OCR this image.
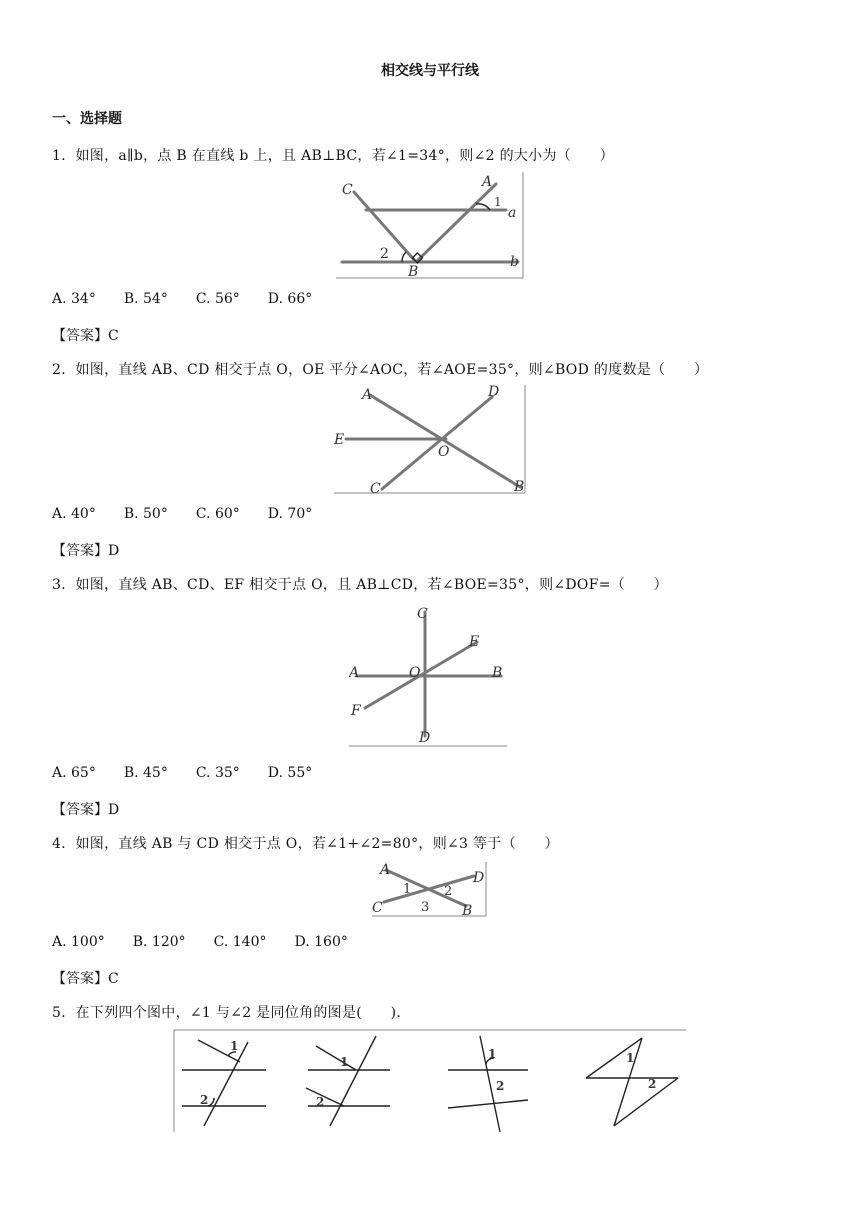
相交线与平行线
一、选择题
1．如图，a∥b，点 B 在直线 b 上，且 AB⊥BC，若∠1=34°，则∠2 的大小为（　　）
C	A
1
a
2
B
b
A. 34° B. 54° C. 56° D. 66°
【答案】C
2．如图，直线 AB、CD 相交于点 O，OE 平分∠AOC，若∠AOE=35°，则∠BOD 的度数是（　　）
A	D
E
O
C	B
A. 40° B. 50° C. 60° D. 70°
【答案】D
3．如图，直线 AB、CD、EF 相交于点 O，且 AB⊥CD，若∠BOE=35°，则∠DOF=（　　）
C
E
A	O	B
F
D
A. 65° B. 45° C. 35° D. 55°
【答案】D
4．如图，直线 AB 与 CD 相交于点 O，若∠1+∠2=80°，则∠3 等于（　　）
A
1	2
D
C	3 B
A. 100° B. 120° C. 140° D. 160°
【答案】C
5．在下列四个图中，∠1 与∠2 是同位角的图是(　　).
1
2
1
2
1
2
1
2
